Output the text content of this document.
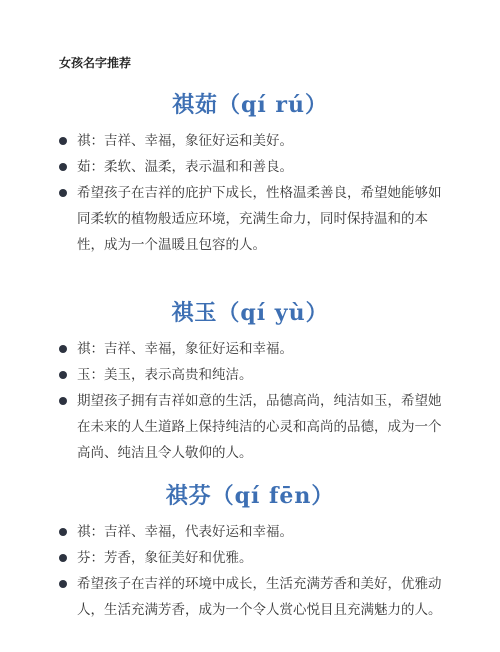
女孩名字推荐
祺茹（qí rú）
祺：吉祥、幸福，象征好运和美好。
茹：柔软、温柔，表示温和和善良。
希望孩子在吉祥的庇护下成长，性格温柔善良，希望她能够如同柔软的植物般适应环境，充满生命力，同时保持温和的本性，成为一个温暖且包容的人。
祺玉（qí yù）
祺：吉祥、幸福，象征好运和幸福。
玉：美玉，表示高贵和纯洁。
期望孩子拥有吉祥如意的生活，品德高尚，纯洁如玉，希望她在未来的人生道路上保持纯洁的心灵和高尚的品德，成为一个高尚、纯洁且令人敬仰的人。
祺芬（qí fēn）
祺：吉祥、幸福，代表好运和幸福。
芬：芳香，象征美好和优雅。
希望孩子在吉祥的环境中成长，生活充满芳香和美好，优雅动人，生活充满芳香，成为一个令人赏心悦目且充满魅力的人。
